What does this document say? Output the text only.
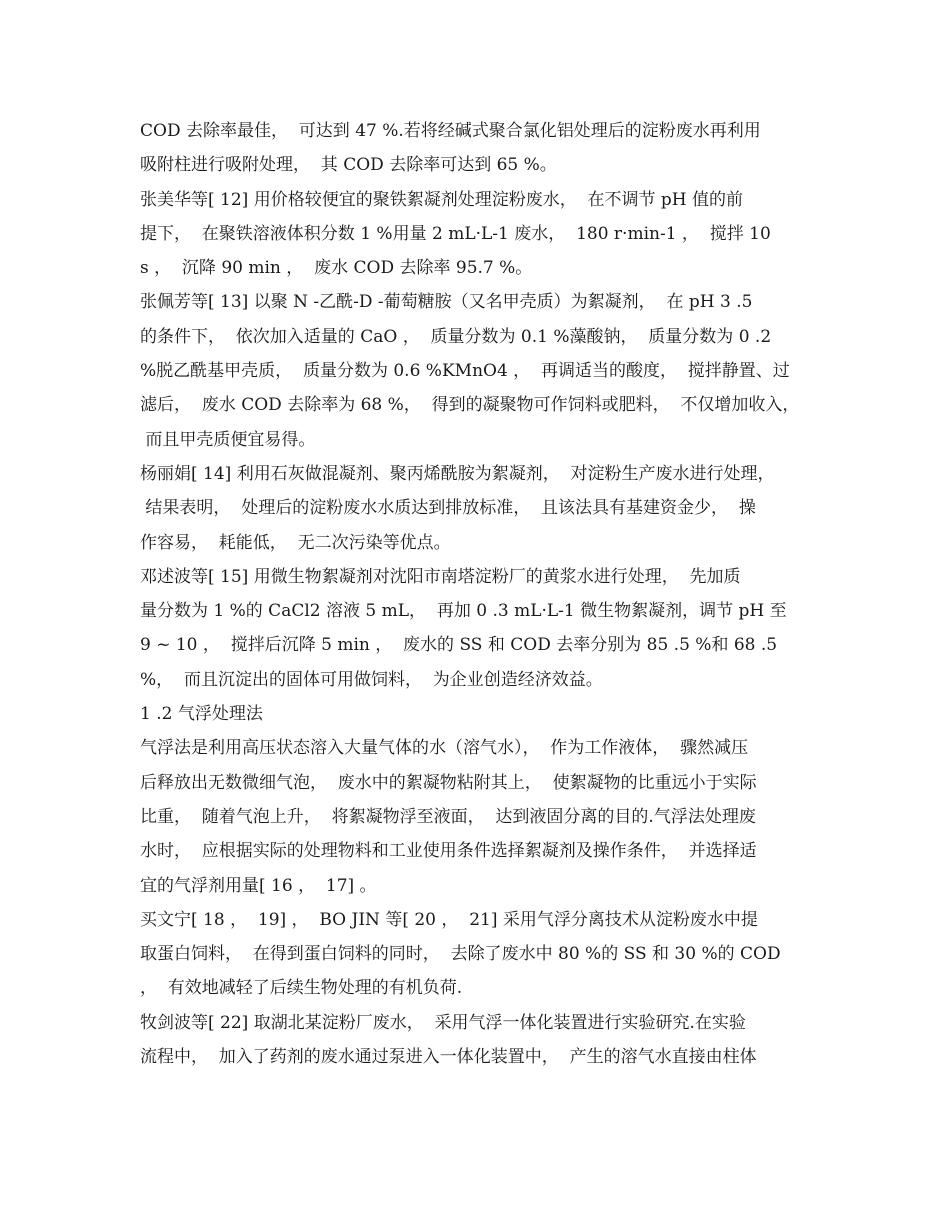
COD 去除率最佳，  可达到 47 %.若将经碱式聚合氯化铝处理后的淀粉废水再利用
吸附柱进行吸附处理，  其 COD 去除率可达到 65 %。
张美华等[ 12] 用价格较便宜的聚铁絮凝剂处理淀粉废水，  在不调节 pH 值的前
提下，  在聚铁溶液体积分数 1 %用量 2 mL·L-1 废水，  180 r·min-1 ，  搅拌 10
s ，  沉降 90 min ，  废水 COD 去除率 95.7 %。
张佩芳等[ 13] 以聚 N -乙酰-D -葡萄糖胺（又名甲壳质）为絮凝剂，  在 pH 3 .5
的条件下，  依次加入适量的 CaO ，  质量分数为 0.1 %藻酸钠，  质量分数为 0 .2
%脱乙酰基甲壳质，  质量分数为 0.6 %KMnO4 ，  再调适当的酸度，  搅拌静置、过
滤后，  废水 COD 去除率为 68 %，  得到的凝聚物可作饲料或肥料，  不仅增加收入，
而且甲壳质便宜易得。
杨丽娟[ 14] 利用石灰做混凝剂、聚丙烯酰胺为絮凝剂，  对淀粉生产废水进行处理，
结果表明，  处理后的淀粉废水水质达到排放标准，  且该法具有基建资金少，  操
作容易，  耗能低，  无二次污染等优点。
邓述波等[ 15] 用微生物絮凝剂对沈阳市南塔淀粉厂的黄浆水进行处理，  先加质
量分数为 1 %的 CaCl2 溶液 5 mL，  再加 0 .3 mL·L-1 微生物絮凝剂，调节 pH 至
9 ~ 10 ，  搅拌后沉降 5 min ，  废水的 SS 和 COD 去率分别为 85 .5 %和 68 .5
%，  而且沉淀出的固体可用做饲料，  为企业创造经济效益。
1 .2 气浮处理法
气浮法是利用高压状态溶入大量气体的水（溶气水），  作为工作液体，  骤然减压
后释放出无数微细气泡，  废水中的絮凝物粘附其上，  使絮凝物的比重远小于实际
比重，  随着气泡上升，  将絮凝物浮至液面，  达到液固分离的目的.气浮法处理废
水时，  应根据实际的处理物料和工业使用条件选择絮凝剂及操作条件，  并选择适
宜的气浮剂用量[ 16 ，  17] 。
买文宁[ 18 ，  19] ，  BO JIN 等[ 20 ，  21] 采用气浮分离技术从淀粉废水中提
取蛋白饲料，  在得到蛋白饲料的同时，  去除了废水中 80 %的 SS 和 30 %的 COD
，  有效地减轻了后续生物处理的有机负荷.
牧剑波等[ 22] 取湖北某淀粉厂废水，  采用气浮一体化装置进行实验研究.在实验
流程中，  加入了药剂的废水通过泵进入一体化装置中，  产生的溶气水直接由柱体
